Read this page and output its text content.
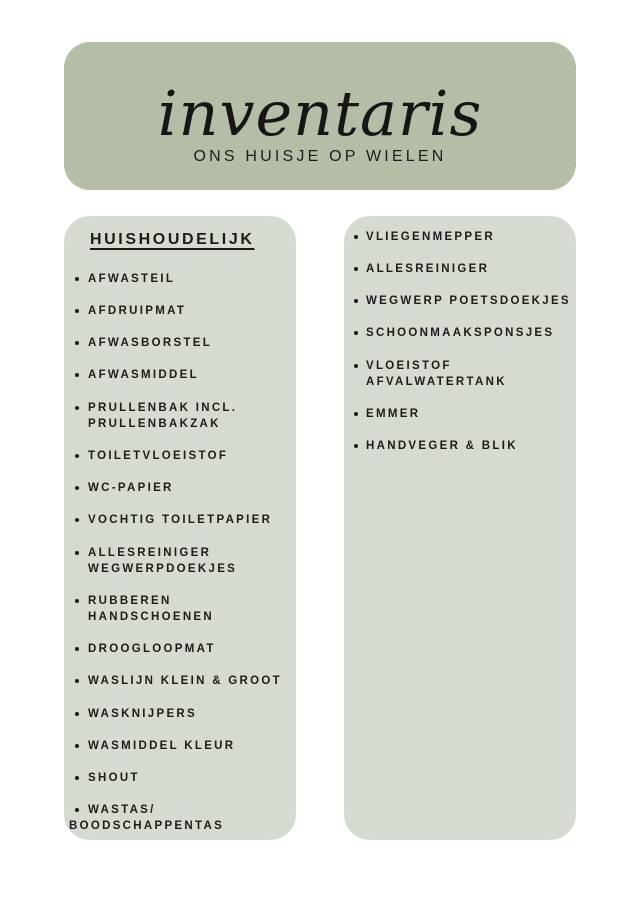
inventaris
ONS HUISJE OP WIELEN
HUISHOUDELIJK
AFWASTEIL
AFDRUIPMAT
AFWASBORSTEL
AFWASMIDDEL
PRULLENBAK INCL.
PRULLENBAKZAK
TOILETVLOEISTOF
WC-PAPIER
VOCHTIG TOILETPAPIER
ALLESREINIGER
WEGWERPDOEKJES
RUBBEREN
HANDSCHOENEN
DROOGLOOPMAT
WASLIJN KLEIN & GROOT
WASKNIJPERS
WASMIDDEL KLEUR
SHOUT
WASTAS/
BOODSCHAPPENTAS
VLIEGENMEPPER
ALLESREINIGER
WEGWERP POETSDOEKJES
SCHOONMAAKSPONSJES
VLOEISTOF
AFVALWATERTANK
EMMER
HANDVEGER & BLIK
